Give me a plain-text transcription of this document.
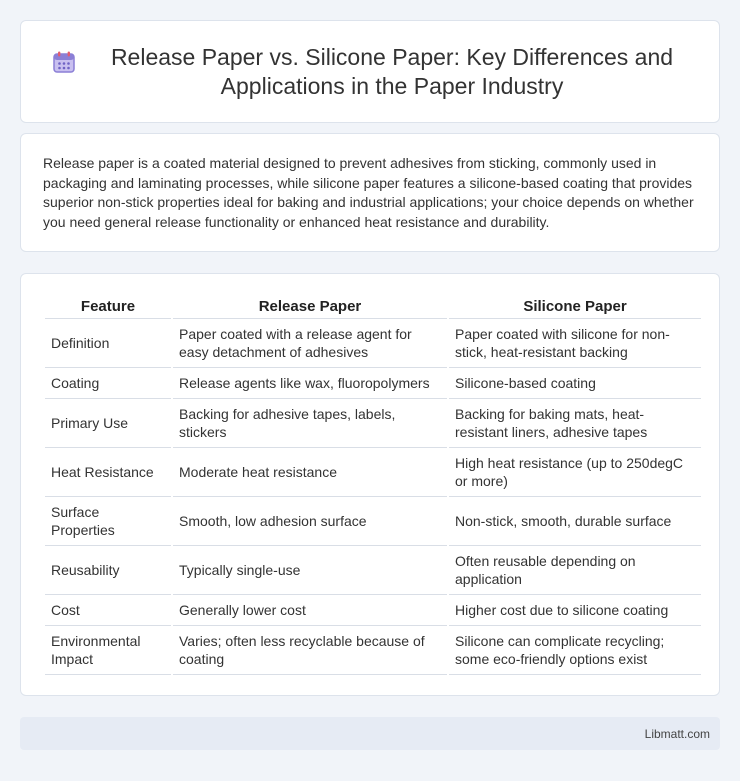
Release Paper vs. Silicone Paper: Key Differences and Applications in the Paper Industry

Release paper is a coated material designed to prevent adhesives from sticking, commonly used in packaging and laminating processes, while silicone paper features a silicone-based coating that provides superior non-stick properties ideal for baking and industrial applications; your choice depends on whether you need general release functionality or enhanced heat resistance and durability.

Feature	Release Paper	Silicone Paper
Definition	Paper coated with a release agent for easy detachment of adhesives	Paper coated with silicone for non-stick, heat-resistant backing
Coating	Release agents like wax, fluoropolymers	Silicone-based coating
Primary Use	Backing for adhesive tapes, labels, stickers	Backing for baking mats, heat-resistant liners, adhesive tapes
Heat Resistance	Moderate heat resistance	High heat resistance (up to 250degC or more)
Surface Properties	Smooth, low adhesion surface	Non-stick, smooth, durable surface
Reusability	Typically single-use	Often reusable depending on application
Cost	Generally lower cost	Higher cost due to silicone coating
Environmental Impact	Varies; often less recyclable because of coating	Silicone can complicate recycling; some eco-friendly options exist
Libmatt.com
